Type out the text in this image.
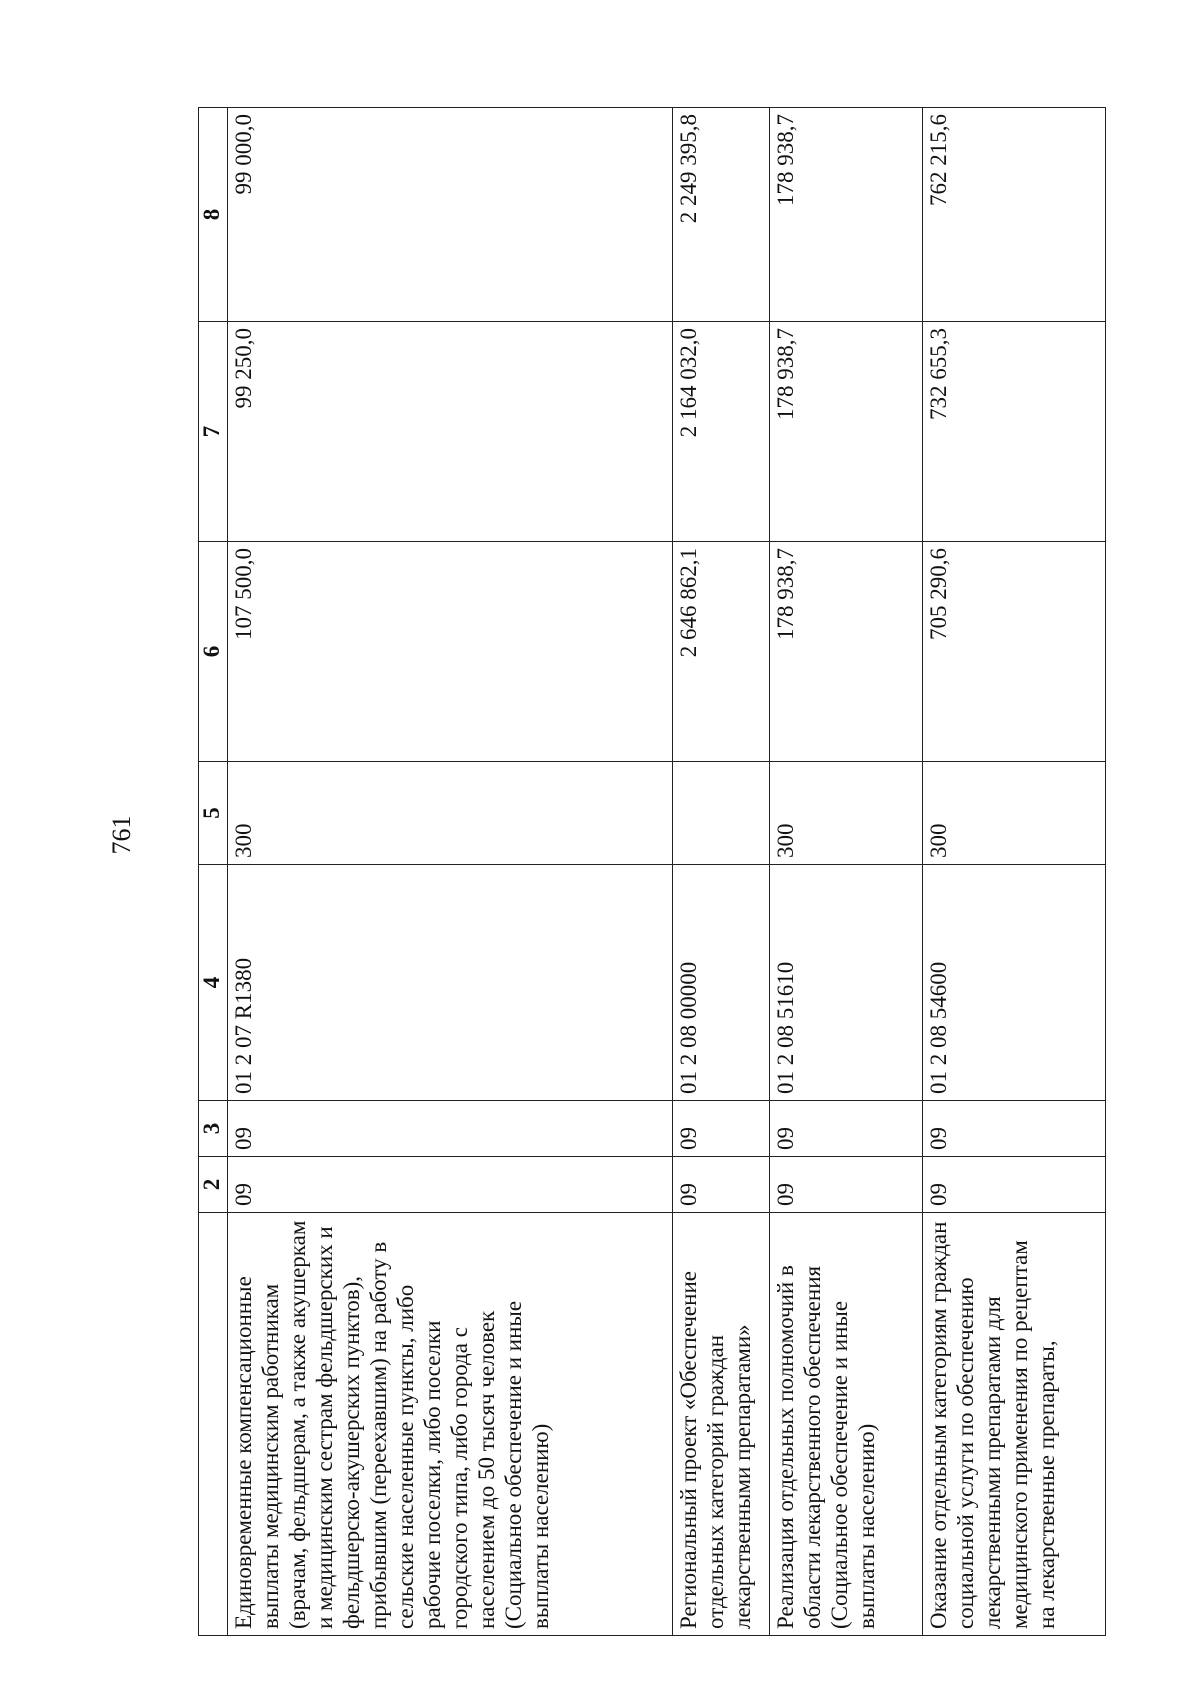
761
	2	3	4	5	6	7	8
Единовременные компенсационные выплаты медицинским работникам (врачам, фельдшерам, а также акушеркам и медицинским сестрам фельдшерских и фельдшерско-акушерских пунктов), прибывшим (переехавшим) на работу в сельские населенные пункты, либо рабочие поселки, либо поселки городского типа, либо города с населением до 50 тысяч человек (Социальное обеспечение и иные выплаты населению)	09	09	01 2 07 R1380	300	107 500,0	99 250,0	99 000,0
Региональный проект «Обеспечение отдельных категорий граждан лекарственными препаратами»	09	09	01 2 08 00000		2 646 862,1	2 164 032,0	2 249 395,8
Реализация отдельных полномочий в области лекарственного обеспечения (Социальное обеспечение и иные выплаты населению)	09	09	01 2 08 51610	300	178 938,7	178 938,7	178 938,7
Оказание отдельным категориям граждан социальной услуги по обеспечению лекарственными препаратами для медицинского применения по рецептам на лекарственные препараты,	09	09	01 2 08 54600	300	705 290,6	732 655,3	762 215,6
